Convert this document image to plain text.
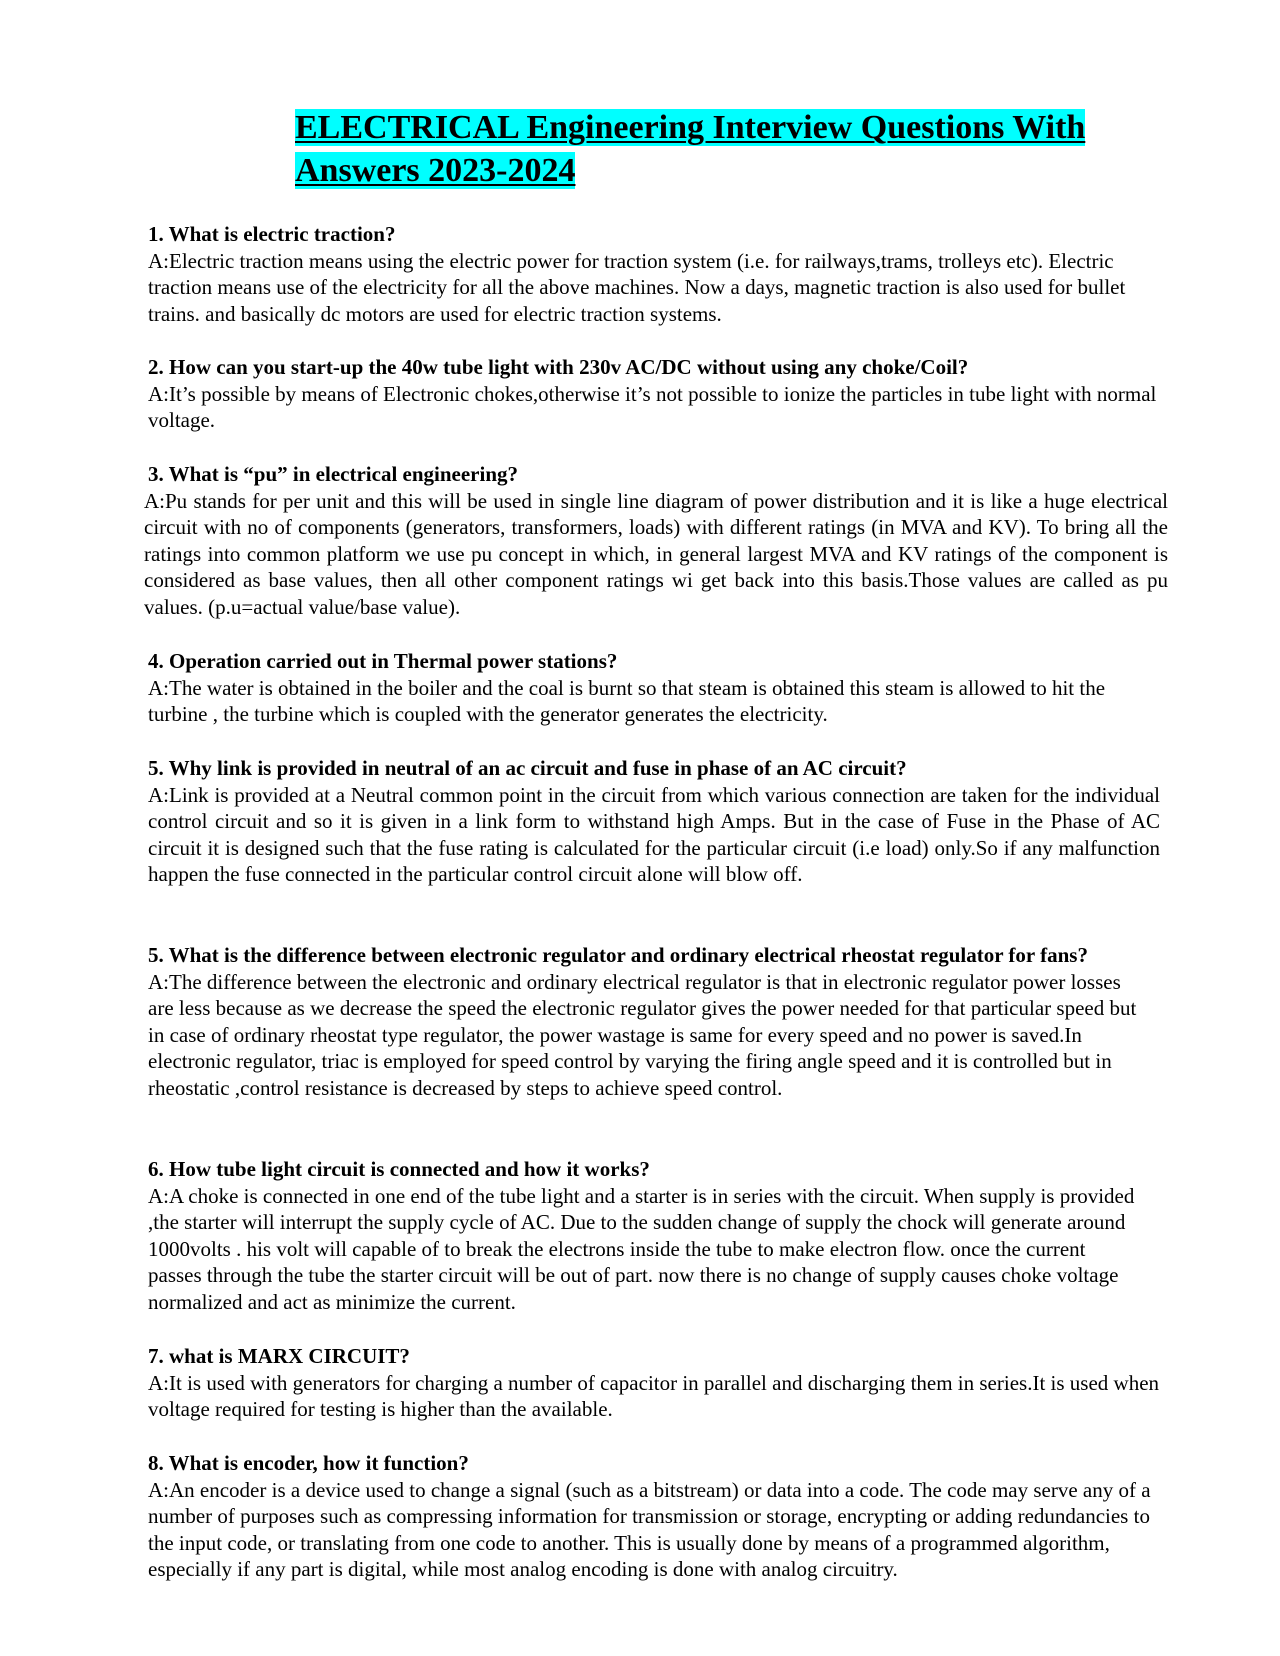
ELECTRICAL Engineering Interview Questions With Answers 2023-2024

1. What is electric traction?

A:Electric traction means using the electric power for traction system (i.e. for railways,trams, trolleys etc). Electric traction means use of the electricity for all the above machines. Now a days, magnetic traction is also used for bullet trains. and basically dc motors are used for electric traction systems.

2. How can you start-up the 40w tube light with 230v AC/DC without using any choke/Coil?

A:It’s possible by means of Electronic chokes,otherwise it’s not possible to ionize the particles in tube light with normal voltage.

3. What is “pu” in electrical engineering?

A:Pu stands for per unit and this will be used in single line diagram of power distribution and it is like a huge electrical circuit with no of components (generators, transformers, loads) with different ratings (in MVA and KV). To bring all the ratings into common platform we use pu concept in which, in general largest MVA and KV ratings of the component is considered as base values, then all other component ratings wi get back into this basis.Those values are called as pu values. (p.u=actual value/base value).

4. Operation carried out in Thermal power stations?

A:The water is obtained in the boiler and the coal is burnt so that steam is obtained this steam is allowed to hit the turbine , the turbine which is coupled with the generator generates the electricity.

5. Why link is provided in neutral of an ac circuit and fuse in phase of an AC circuit?

A:Link is provided at a Neutral common point in the circuit from which various connection are taken for the individual control circuit and so it is given in a link form to withstand high Amps. But in the case of Fuse in the Phase of AC circuit it is designed such that the fuse rating is calculated for the particular circuit (i.e load) only.So if any malfunction happen the fuse connected in the particular control circuit alone will blow off.

5. What is the difference between electronic regulator and ordinary electrical rheostat regulator for fans?

A:The difference between the electronic and ordinary electrical regulator is that in electronic regulator power losses are less because as we decrease the speed the electronic regulator gives the power needed for that particular speed but in case of ordinary rheostat type regulator, the power wastage is same for every speed and no power is saved.In electronic regulator, triac is employed for speed control by varying the firing angle speed and it is controlled but in rheostatic ,control resistance is decreased by steps to achieve speed control.

6. How tube light circuit is connected and how it works?

A:A choke is connected in one end of the tube light and a starter is in series with the circuit. When supply is provided ,the starter will interrupt the supply cycle of AC. Due to the sudden change of supply the chock will generate around 1000volts . his volt will capable of to break the electrons inside the tube to make electron flow. once the current passes through the tube the starter circuit will be out of part. now there is no change of supply causes choke voltage normalized and act as minimize the current.

7. what is MARX CIRCUIT?

A:It is used with generators for charging a number of capacitor in parallel and discharging them in series.It is used when voltage required for testing is higher than the available.

8. What is encoder, how it function?

A:An encoder is a device used to change a signal (such as a bitstream) or data into a code. The code may serve any of a number of purposes such as compressing information for transmission or storage, encrypting or adding redundancies to the input code, or translating from one code to another. This is usually done by means of a programmed algorithm, especially if any part is digital, while most analog encoding is done with analog circuitry.
